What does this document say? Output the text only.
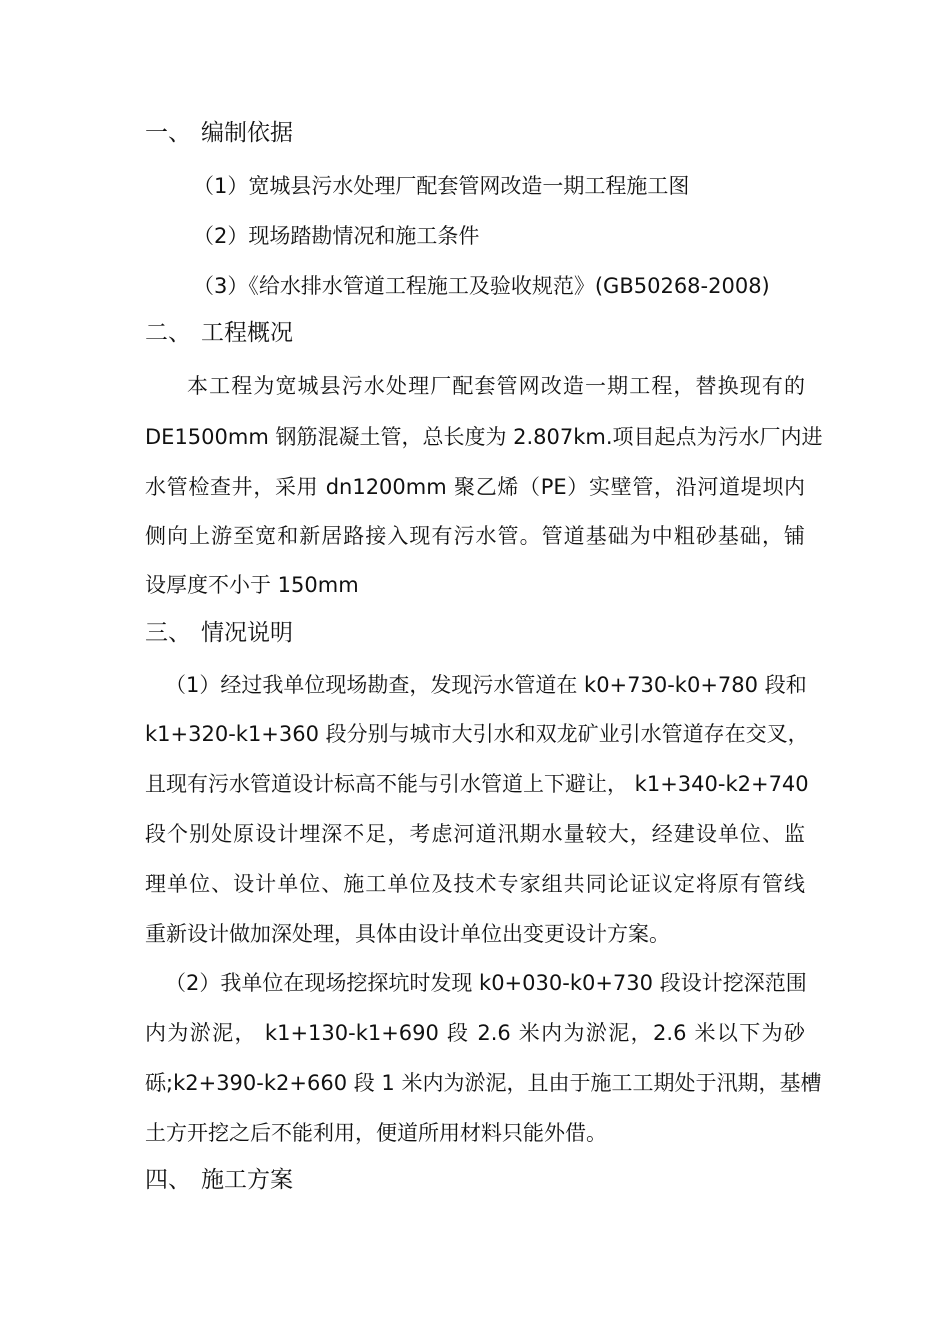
一、 编制依据
（1）宽城县污水处理厂配套管网改造一期工程施工图
（2）现场踏勘情况和施工条件
（3）《给水排水管道工程施工及验收规范》(GB50268-2008)
二、 工程概况
本工程为宽城县污水处理厂配套管网改造一期工程，替换现有的
DE1500mm 钢筋混凝土管，总长度为 2.807km.项目起点为污水厂内进
水管检查井，采用 dn1200mm 聚乙烯（PE）实壁管，沿河道堤坝内
侧向上游至宽和新居路接入现有污水管。管道基础为中粗砂基础，铺
设厚度不小于 150mm
三、 情况说明
（1）经过我单位现场勘查，发现污水管道在 k0+730-k0+780 段和
k1+320-k1+360 段分别与城市大引水和双龙矿业引水管道存在交叉，
且现有污水管道设计标高不能与引水管道上下避让， k1+340-k2+740
段个别处原设计埋深不足，考虑河道汛期水量较大，经建设单位、监
理单位、设计单位、施工单位及技术专家组共同论证议定将原有管线
重新设计做加深处理，具体由设计单位出变更设计方案。
（2）我单位在现场挖探坑时发现 k0+030-k0+730 段设计挖深范围
内为淤泥， k1+130-k1+690 段 2.6 米内为淤泥，2.6 米以下为砂
砾;k2+390-k2+660 段 1 米内为淤泥，且由于施工工期处于汛期，基槽
土方开挖之后不能利用，便道所用材料只能外借。
四、 施工方案
